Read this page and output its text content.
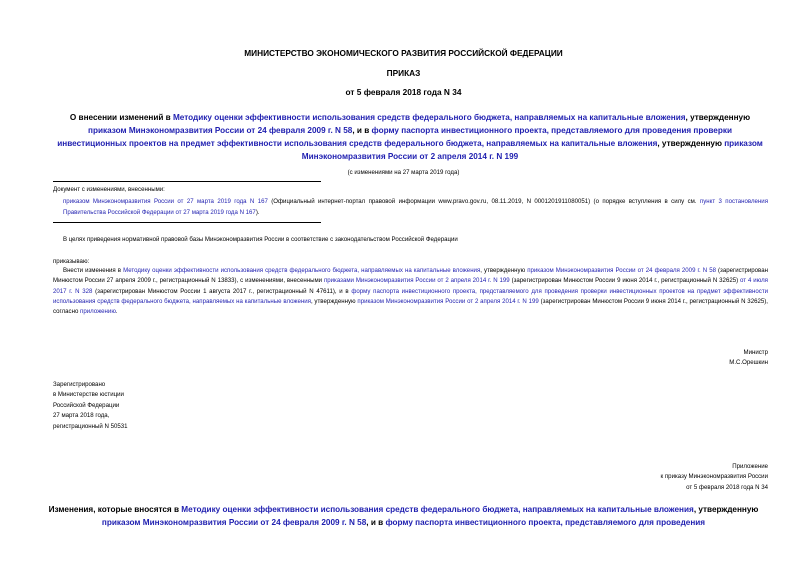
МИНИСТЕРСТВО ЭКОНОМИЧЕСКОГО РАЗВИТИЯ РОССИЙСКОЙ ФЕДЕРАЦИИ
ПРИКАЗ
от 5 февраля 2018 года N 34
О внесении изменений в Методику оценки эффективности использования средств федерального бюджета, направляемых на капитальные вложения, утвержденную приказом Минэкономразвития России от 24 февраля 2009 г. N 58, и в форму паспорта инвестиционного проекта, представляемого для проведения проверки инвестиционных проектов на предмет эффективности использования средств федерального бюджета, направляемых на капитальные вложения, утвержденную приказом Минэкономразвития России от 2 апреля 2014 г. N 199
(с изменениями на 27 марта 2019 года)
Документ с изменениями, внесенными:
приказом Минэкономразвития России от 27 марта 2019 года N 167 (Официальный интернет-портал правовой информации www.pravo.gov.ru, 08.11.2019, N 0001201911080051) (о порядке вступления в силу см. пункт 3 постановления Правительства Российской Федерации от 27 марта 2019 года N 167).
В целях приведения нормативной правовой базы Минэкономразвития России в соответствие с законодательством Российской Федерации
приказываю:
Внести изменения в Методику оценки эффективности использования средств федерального бюджета, направляемых на капитальные вложения, утвержденную приказом Минэкономразвития России от 24 февраля 2009 г. N 58 (зарегистрирован Минюстом России 27 апреля 2009 г., регистрационный N 13833), с изменениями, внесенными приказами Минэкономразвития России от 2 апреля 2014 г. N 199 (зарегистрирован Минюстом России 9 июня 2014 г., регистрационный N 32625) от 4 июля 2017 г. N 328 (зарегистрирован Минюстом России 1 августа 2017 г., регистрационный N 47611), и в форму паспорта инвестиционного проекта, представляемого для проведения проверки инвестиционных проектов на предмет эффективности использования средств федерального бюджета, направляемых на капитальные вложения, утвержденную приказом Минэкономразвития России от 2 апреля 2014 г. N 199 (зарегистрирован Минюстом России 9 июня 2014 г., регистрационный N 32625), согласно приложению.
Министр
М.С.Орешкин
Зарегистрировано
в Министерстве юстиции
Российской Федерации
27 марта 2018 года,
регистрационный N 50531
Приложение
к приказу Минэкономразвития России
от 5 февраля 2018 года N 34
Изменения, которые вносятся в Методику оценки эффективности использования средств федерального бюджета, направляемых на капитальные вложения, утвержденную приказом Минэкономразвития России от 24 февраля 2009 г. N 58, и в форму паспорта инвестиционного проекта, представляемого для проведения
